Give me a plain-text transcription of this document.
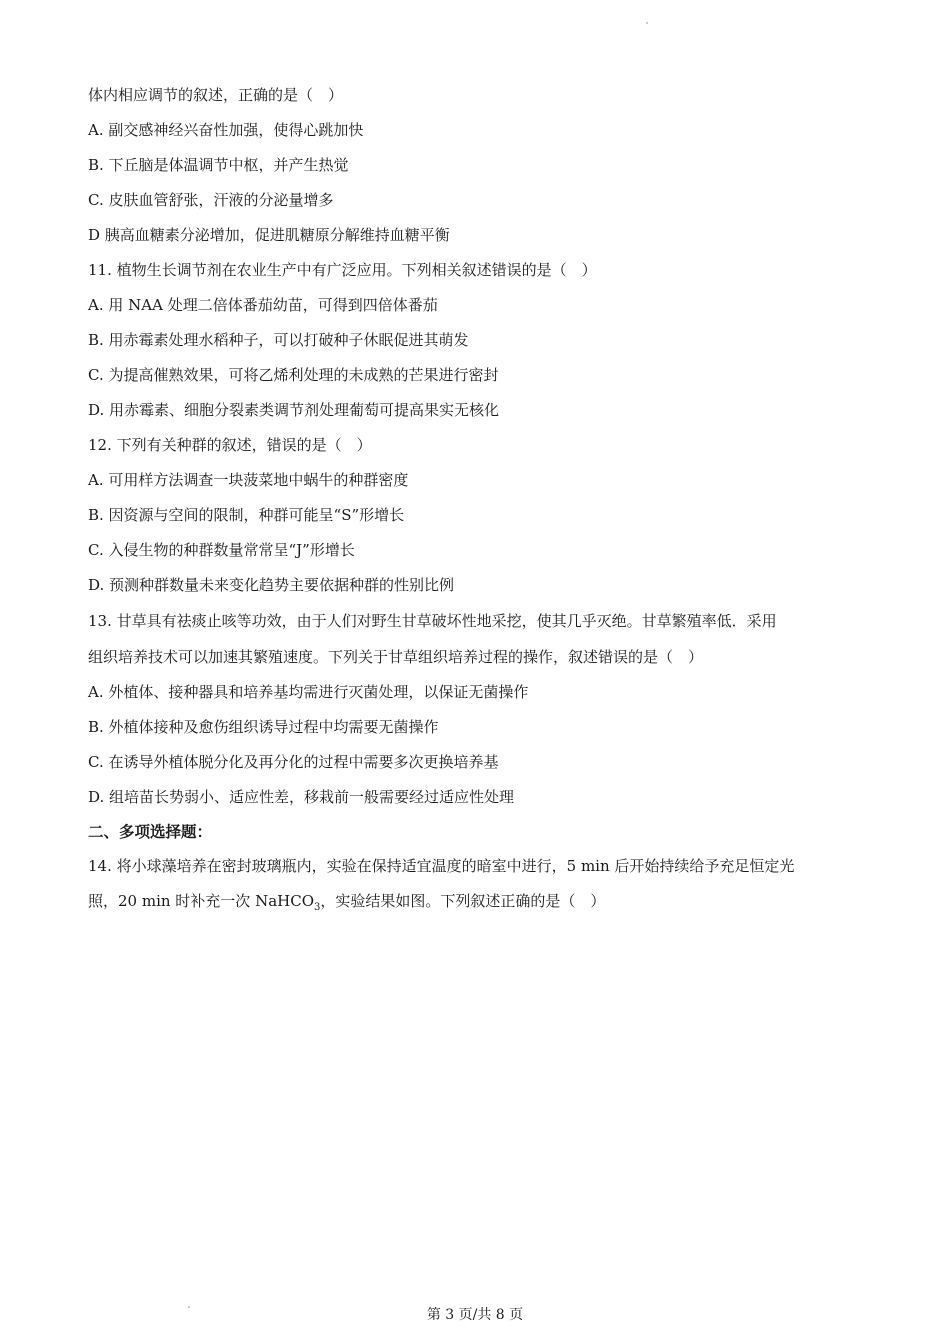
体内相应调节的叙述，正确的是（　）
A. 副交感神经兴奋性加强，使得心跳加快
B. 下丘脑是体温调节中枢，并产生热觉
C. 皮肤血管舒张，汗液的分泌量增多
D 胰高血糖素分泌增加，促进肌糖原分解维持血糖平衡
11. 植物生长调节剂在农业生产中有广泛应用。下列相关叙述错误的是（　）
A. 用 NAA 处理二倍体番茄幼苗，可得到四倍体番茄
B. 用赤霉素处理水稻种子，可以打破种子休眠促进其萌发
C. 为提高催熟效果，可将乙烯利处理的未成熟的芒果进行密封
D. 用赤霉素、细胞分裂素类调节剂处理葡萄可提高果实无核化
12. 下列有关种群的叙述，错误的是（　）
A. 可用样方法调查一块菠菜地中蜗牛的种群密度
B. 因资源与空间的限制，种群可能呈“S”形增长
C. 入侵生物的种群数量常常呈“J”形增长
D. 预测种群数量未来变化趋势主要依据种群的性别比例
13. 甘草具有祛痰止咳等功效，由于人们对野生甘草破坏性地采挖，使其几乎灭绝。甘草繁殖率低．采用
组织培养技术可以加速其繁殖速度。下列关于甘草组织培养过程的操作，叙述错误的是（　）
A. 外植体、接种器具和培养基均需进行灭菌处理，以保证无菌操作
B. 外植体接种及愈伤组织诱导过程中均需要无菌操作
C. 在诱导外植体脱分化及再分化的过程中需要多次更换培养基
D. 组培苗长势弱小、适应性差，移栽前一般需要经过适应性处理
二、多项选择题：
14. 将小球藻培养在密封玻璃瓶内，实验在保持适宜温度的暗室中进行，5 min 后开始持续给予充足恒定光
照，20 min 时补充一次 NaHCO$_3$，实验结果如图。下列叙述正确的是（　）
第 3 页/共 8 页
